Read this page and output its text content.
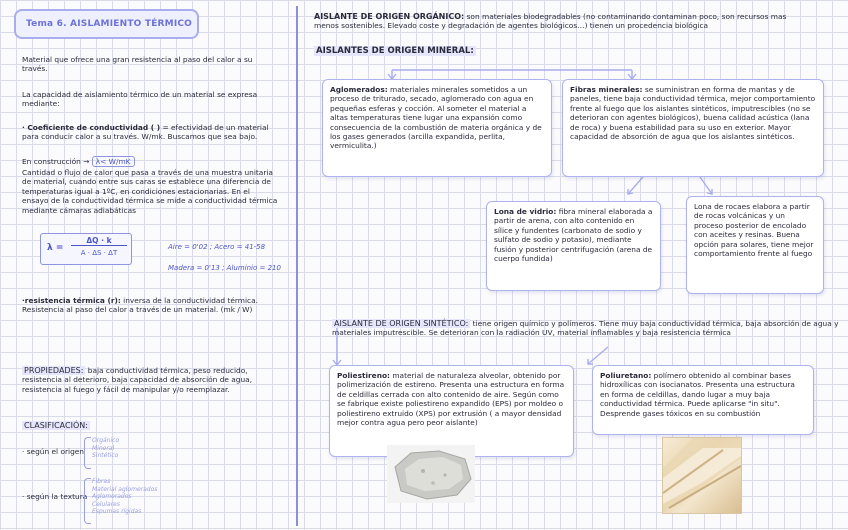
Tema 6. AISLAMIENTO TÉRMICO
Material que ofrece una gran resistencia al paso del calor a su través.
La capacidad de aislamiento térmico de un material se expresa mediante:
· Coeficiente de conductividad ( ) = efectividad de un material para conducir calor a su través. W/mk. Buscamos que sea bajo.
En construcción → λ< W/mK
Cantidad o flujo de calor que pasa a través de una muestra unitaria de material, cuando entre sus caras se establece una diferencia de temperaturas igual a 1ºC, en condiciones estacionarias. En el ensayo de la conductividad térmica se mide a conductividad térmica mediante cámaras adiabáticas
λ =
ΔQ · k
A · ΔS · ΔT
Aire = 0'02 ; Acero = 41-58
Madera = 0'13 ; Aluminio = 210
·resistencia térmica (r): inversa de la conductividad térmica. Resistencia al paso del calor a través de un material. (mk / W)
PROPIEDADES: baja conductividad térmica, peso reducido, resistencia al deterioro, baja capacidad de absorción de agua, resistencia al fuego y fácil de manipular y/o reemplazar.
CLASIFICACIÓN:
· según el origen
Orgánico
Mineral
Sintético
· según la textura
Fibras
Material aglomerados
Aglomerados
Celulares
Espumas rígidas
AISLANTE DE ORIGEN ORGÁNICO: son materiales biodegradables (no contaminando contaminan poco, son recursos mas menos sostenibles. Elevado coste y degradación de agentes biológicos…) tienen un procedencia biológica
AISLANTES DE ORIGEN MINERAL:
Aglomerados: materiales minerales sometidos a un proceso de triturado, secado, aglomerado con agua en pequeñas esferas y cocción. Al someter el material a altas temperaturas tiene lugar una expansión como consecuencia de la combustión de materia orgánica y de los gases generados (arcilla expandida, perlita, vermiculita.)
Fibras minerales: se suministran en forma de mantas y de paneles, tiene baja conductividad térmica, mejor comportamiento frente al fuego que los aislantes sintéticos, imputrescibles (no se deterioran con agentes biológicos), buena calidad acústica (lana de roca) y buena estabilidad para su uso en exterior. Mayor capacidad de absorción de agua que los aislantes sintéticos.
Lona de vidrio: fibra mineral elaborada a partir de arena, con alto contenido en sílice y fundentes (carbonato de sodio y sulfato de sodio y potasio), mediante fusión y posterior centrifugación (arena de cuerpo fundida)
Lona de rocaes elabora a partir de rocas volcánicas y un proceso posterior de encolado con aceites y resinas. Buena opción para solares, tiene mejor comportamiento frente al fuego
AISLANTE DE ORIGEN SINTÉTICO: tiene origen químico y polímeros. Tiene muy baja conductividad térmica, baja absorción de agua y materiales imputrescible. Se deterioran con la radiación UV, material inflamables y baja resistencia térmica
Poliestireno: material de naturaleza alveolar, obtenido por polimerización de estireno. Presenta una estructura en forma de celdillas cerrada con alto contenido de aire. Según como se fabrique existe poliestireno expandido (EPS) por moldeo o poliestireno extruido (XPS) por extrusión ( a mayor densidad mejor contra agua pero peor aislante)
Poliuretano: polímero obtenido al combinar bases hidroxílicas con isocianatos. Presenta una estructura en forma de celdillas, dando lugar a muy baja conductividad térmica. Puede aplicarse "in situ". Desprende gases tóxicos en su combustión
